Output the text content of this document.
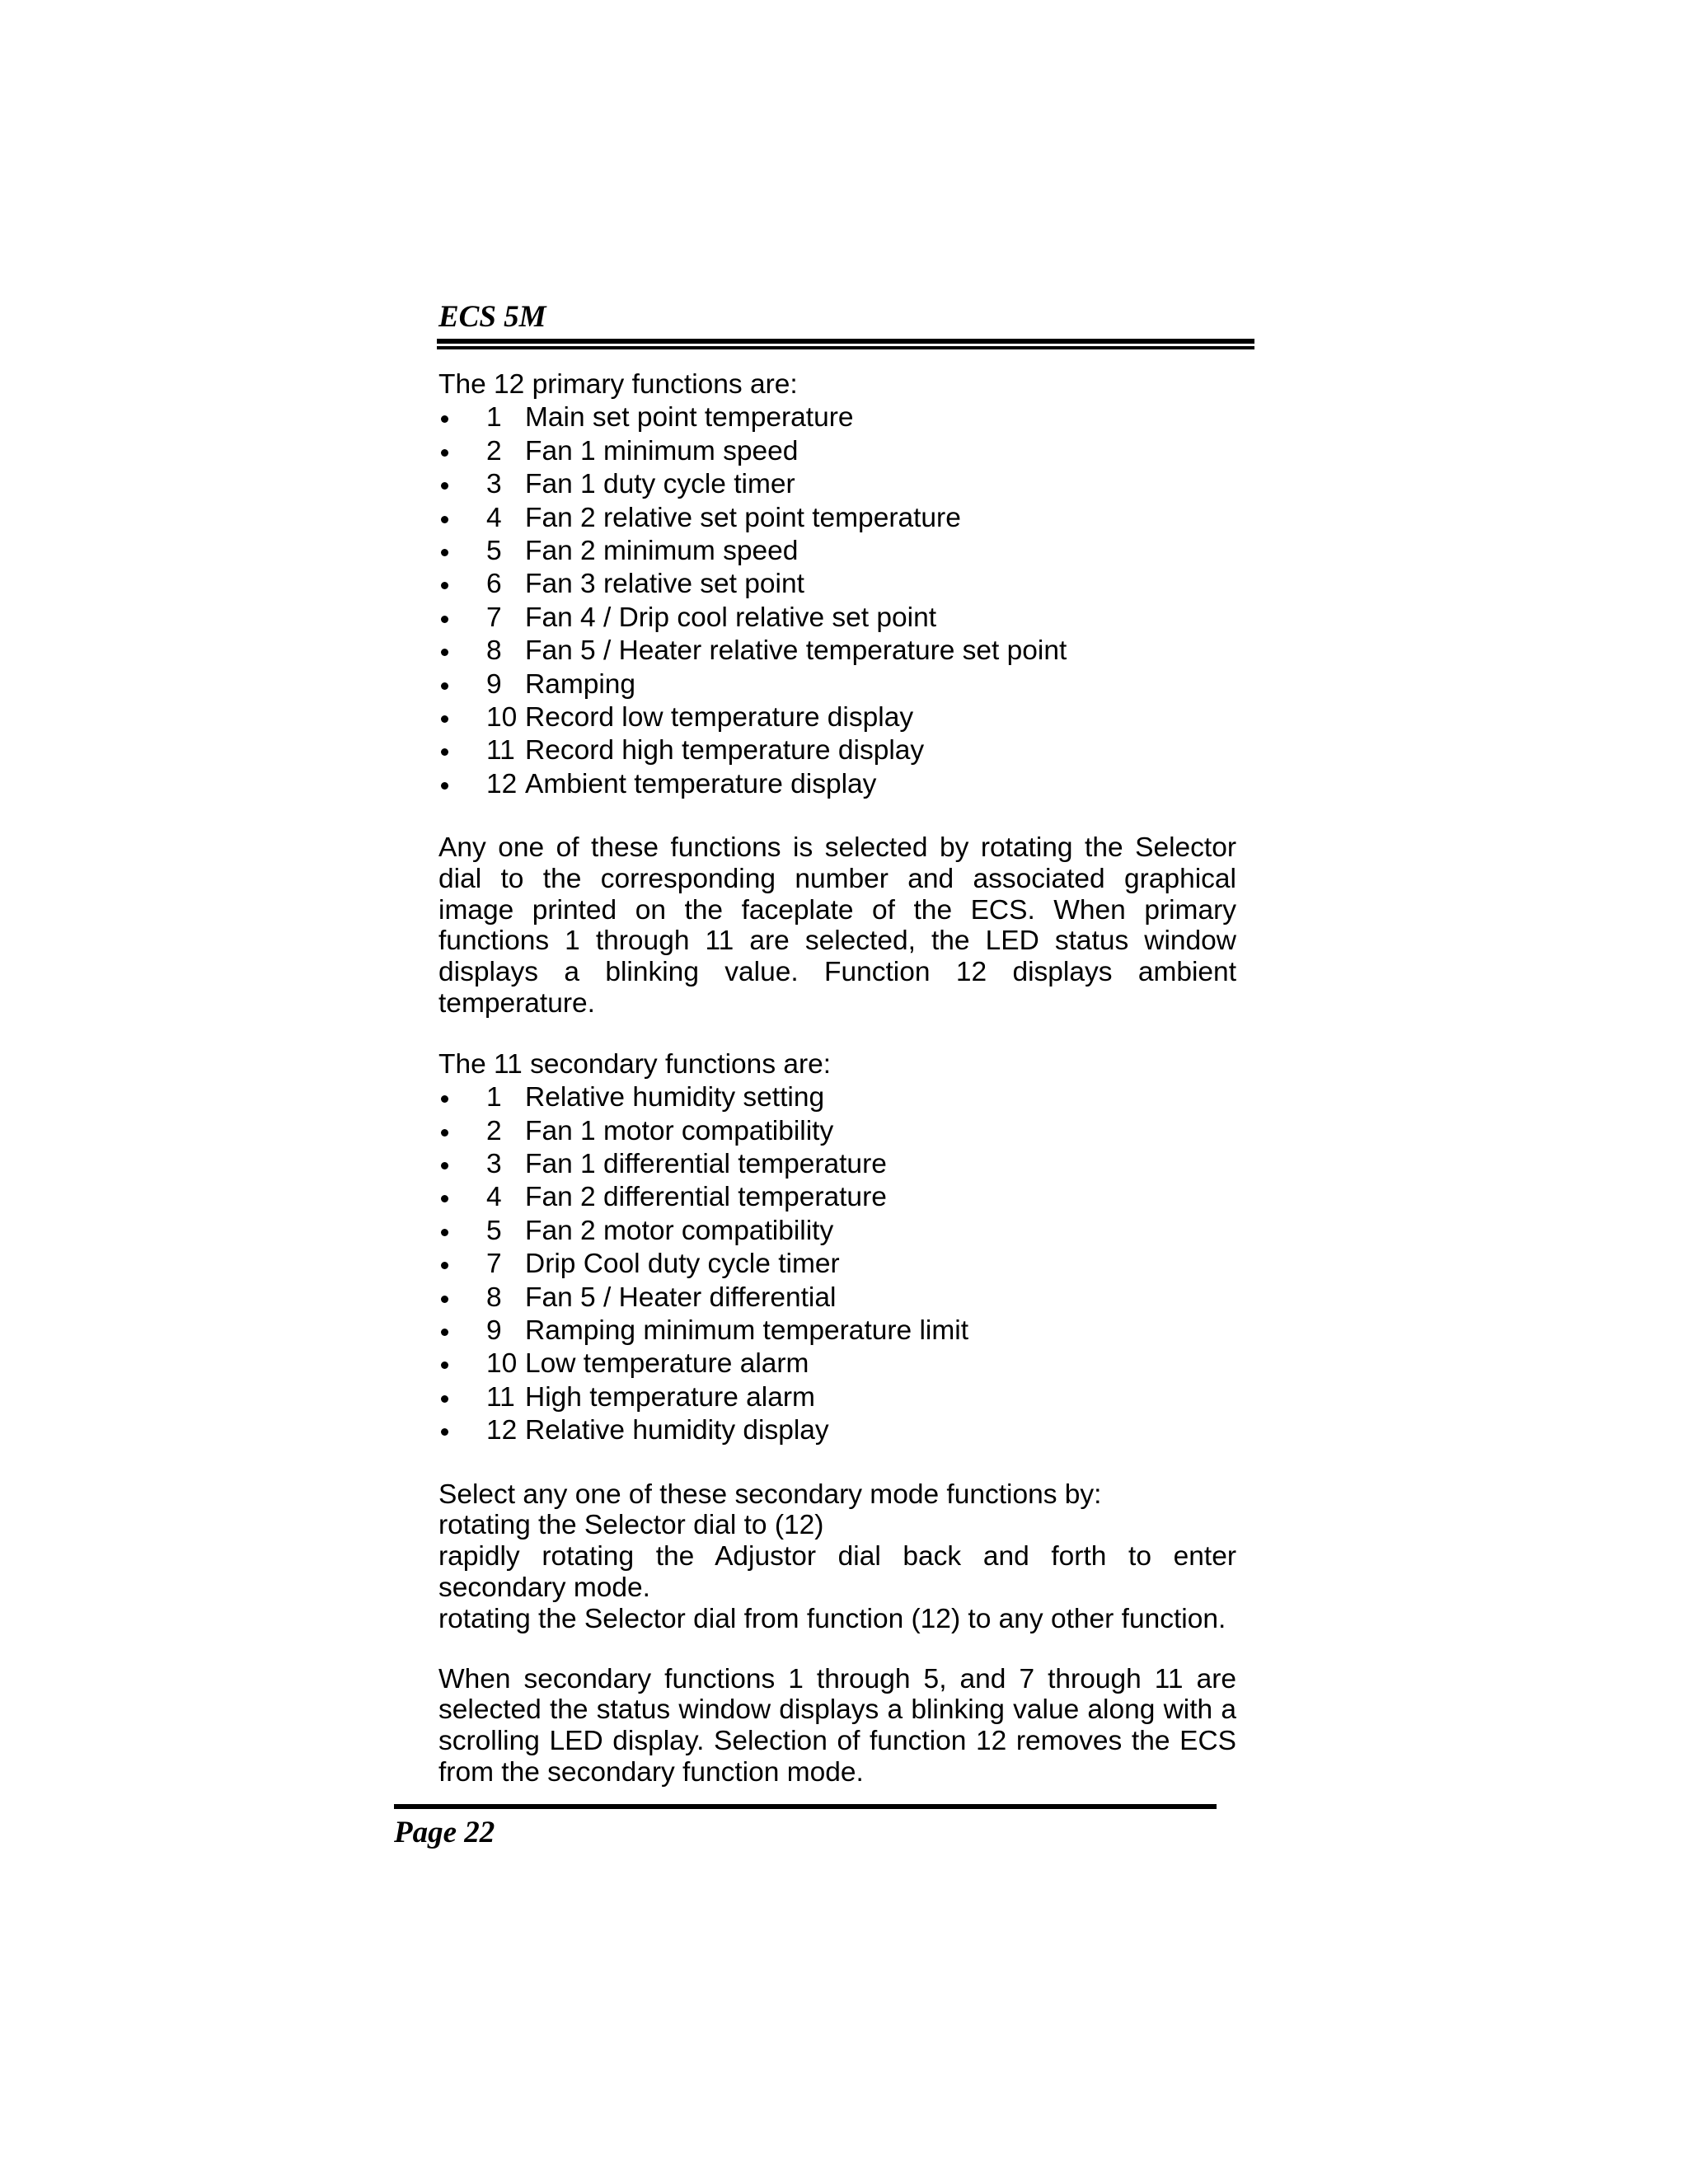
ECS 5M

The 12 primary functions are:

1 Main set point temperature
2 Fan 1 minimum speed
3 Fan 1 duty cycle timer
4 Fan 2 relative set point temperature
5 Fan 2 minimum speed
6 Fan 3 relative set point
7 Fan 4 / Drip cool relative set point
8 Fan 5 / Heater relative temperature set point
9 Ramping
10 Record low temperature display
11 Record high temperature display
12 Ambient temperature display

Any one of these functions is selected by rotating the Selector dial to the corresponding number and associated graphical image printed on the faceplate of the ECS. When primary functions 1 through 11 are selected, the LED status window displays a blinking value. Function 12 displays ambient temperature.

The 11 secondary functions are:

1 Relative humidity setting
2 Fan 1 motor compatibility
3 Fan 1 differential temperature
4 Fan 2 differential temperature
5 Fan 2 motor compatibility
7 Drip Cool duty cycle timer
8 Fan 5 / Heater differential
9 Ramping minimum temperature limit
10 Low temperature alarm
11 High temperature alarm
12 Relative humidity display

Select any one of these secondary mode functions by:

rotating the Selector dial to (12)

rapidly rotating the Adjustor dial back and forth to enter secondary mode.

rotating the Selector dial from function (12) to any other function.

When secondary functions 1 through 5, and 7 through 11 are selected the status window displays a blinking value along with a scrolling LED display. Selection of function 12 removes the ECS from the secondary function mode.

Page 22
